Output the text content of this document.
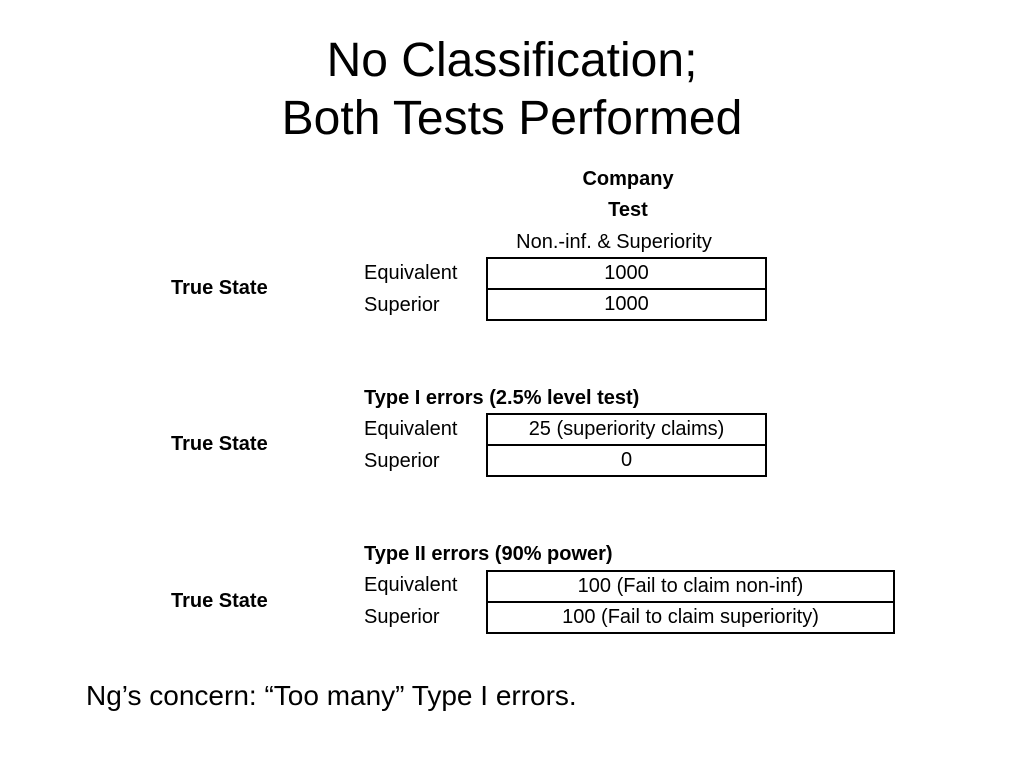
No Classification;
Both Tests Performed
Company
Test
Non.-inf. & Superiority
True State
Equivalent
Superior
1000
1000
Type I errors (2.5% level test)
True State
Equivalent
Superior
25 (superiority claims)
0
Type II errors (90% power)
True State
Equivalent
Superior
100 (Fail to claim non-inf)
100 (Fail to claim superiority)
Ng’s concern: “Too many” Type I errors.
